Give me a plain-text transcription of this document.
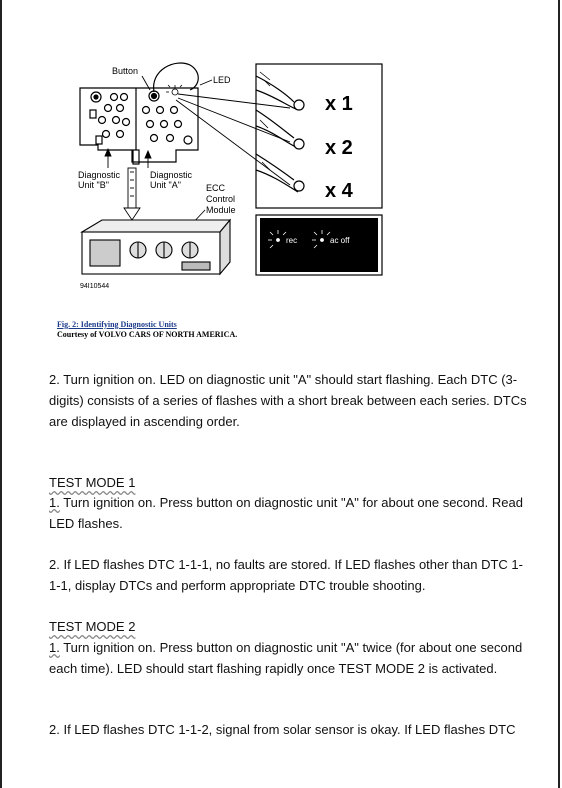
Button
LED
Diagnostic
Unit "B"
Diagnostic
Unit "A"	ECC
Control
Module
94I10544
x 1
x 2
x 4
rec	ac off
Fig. 2: Identifying Diagnostic Units
Courtesy of VOLVO CARS OF NORTH AMERICA.
2. Turn ignition on. LED on diagnostic unit "A" should start flashing. Each DTC (3-digits) consists of a series of flashes with a short break between each series. DTCs are displayed in ascending order.
TEST MODE 1
1. Turn ignition on. Press button on diagnostic unit "A" for about one second. Read LED flashes.
2. If LED flashes DTC 1-1-1, no faults are stored. If LED flashes other than DTC 1-1-1, display DTCs and perform appropriate DTC trouble shooting.
TEST MODE 2
1. Turn ignition on. Press button on diagnostic unit "A" twice (for about one second each time). LED should start flashing rapidly once TEST MODE 2 is activated.
2. If LED flashes DTC 1-1-2, signal from solar sensor is okay. If LED flashes DTC
